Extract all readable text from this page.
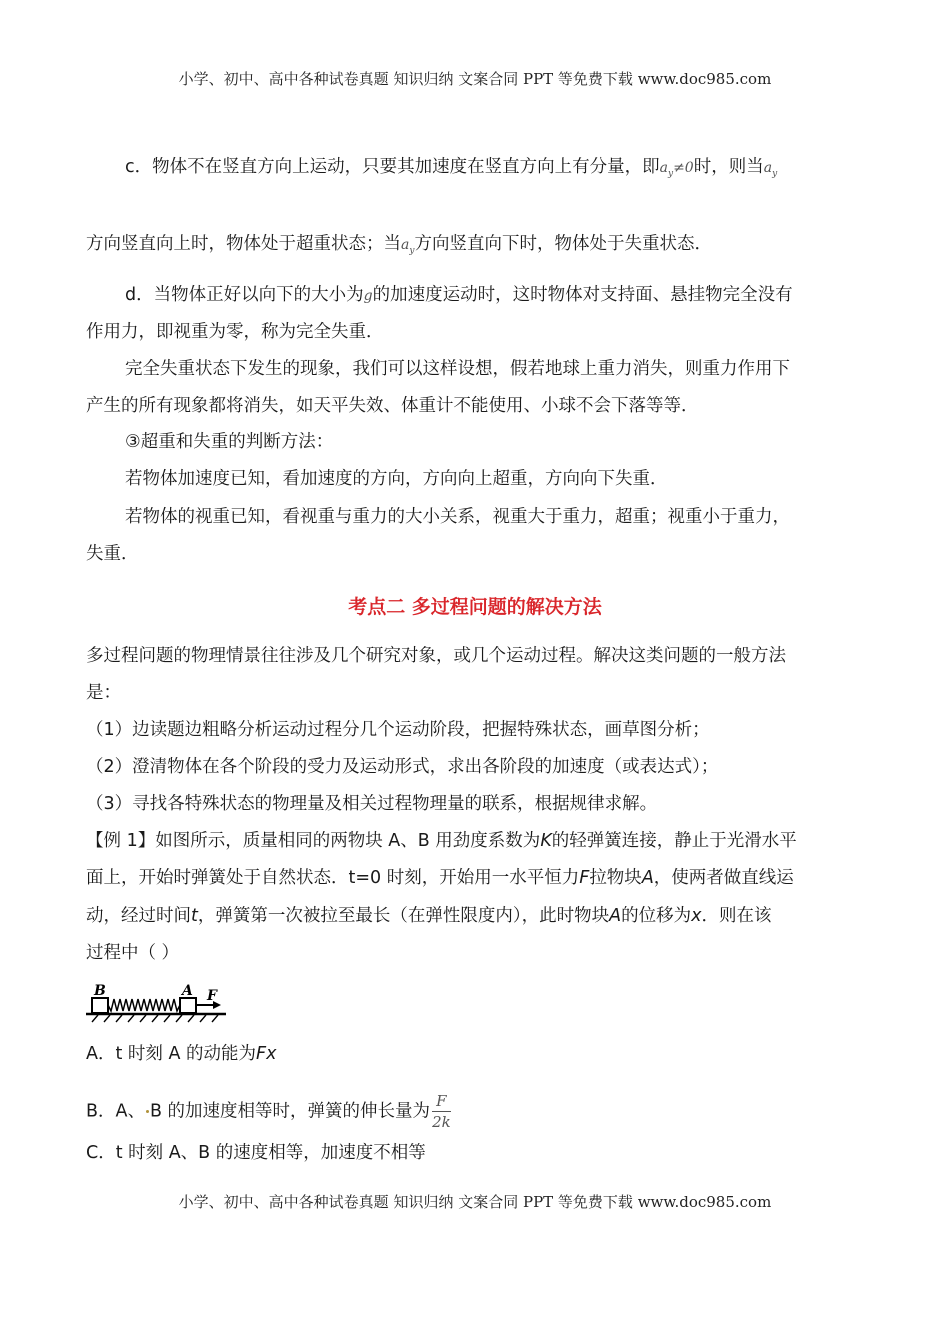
小学、初中、高中各种试卷真题 知识归纳 文案合同 PPT 等免费下载 www.doc985.com
c．物体不在竖直方向上运动，只要其加速度在竖直方向上有分量，即$a_y\ne 0$时，则当$a_y$
方向竖直向上时，物体处于超重状态；当$a_y$方向竖直向下时，物体处于失重状态．
d．当物体正好以向下的大小为g的加速度运动时，这时物体对支持面、悬挂物完全没有
作用力，即视重为零，称为完全失重．
完全失重状态下发生的现象，我们可以这样设想，假若地球上重力消失，则重力作用下
产生的所有现象都将消失，如天平失效、体重计不能使用、小球不会下落等等．
③超重和失重的判断方法：
若物体加速度已知，看加速度的方向，方向向上超重，方向向下失重．
若物体的视重已知，看视重与重力的大小关系，视重大于重力，超重；视重小于重力，
失重．
考点二 多过程问题的解决方法
多过程问题的物理情景往往涉及几个研究对象，或几个运动过程。解决这类问题的一般方法
是：
（1）边读题边粗略分析运动过程分几个运动阶段，把握特殊状态，画草图分析；
（2）澄清物体在各个阶段的受力及运动形式，求出各阶段的加速度（或表达式）；
（3）寻找各特殊状态的物理量及相关过程物理量的联系，根据规律求解。
【例 1】如图所示，质量相同的两物块 A、B 用劲度系数为K的轻弹簧连接，静止于光滑水平
面上，开始时弹簧处于自然状态．t=0 时刻，开始用一水平恒力F拉物块A，使两者做直线运
动，经过时间t，弹簧第一次被拉至最长（在弹性限度内），此时物块A的位移为x．则在该
过程中（ ）
B	A F
A．t 时刻 A 的动能为Fx
B．A、 B 的加速度相等时，弹簧的伸长量为 $\frac{F}{2k}$
C．t 时刻 A、B 的速度相等，加速度不相等
小学、初中、高中各种试卷真题 知识归纳 文案合同 PPT 等免费下载 www.doc985.com
